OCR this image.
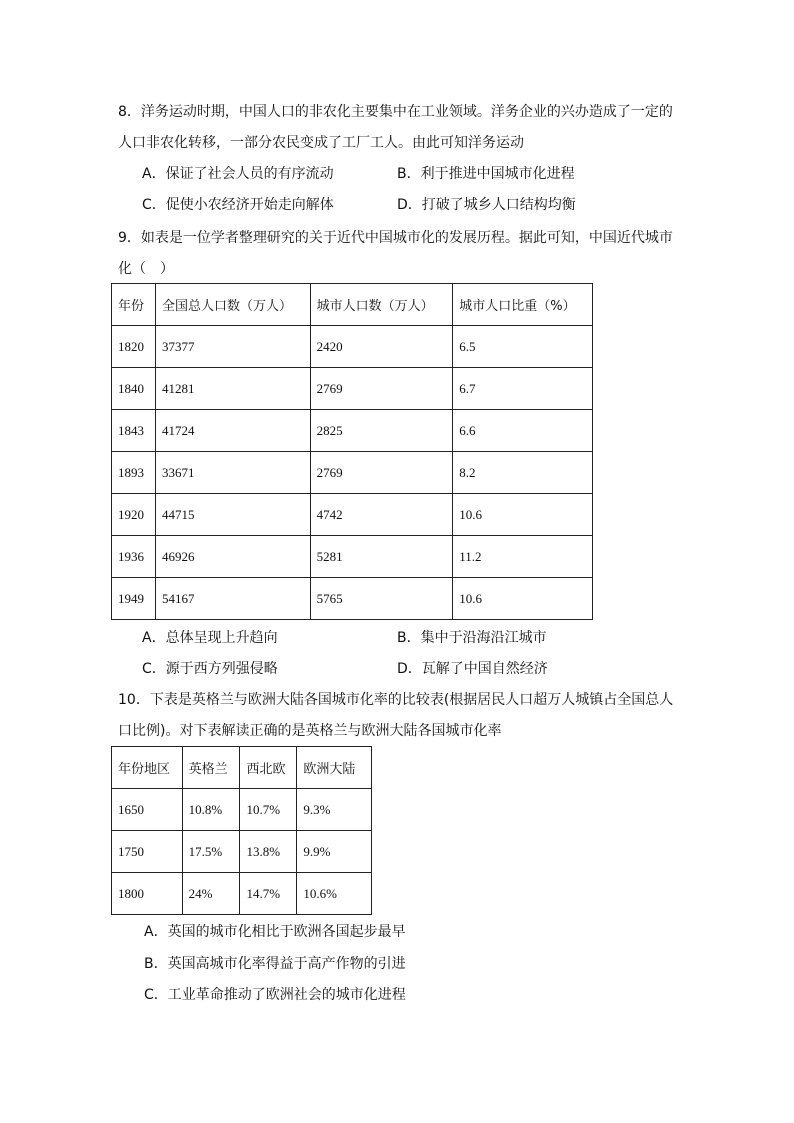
8．洋务运动时期，中国人口的非农化主要集中在工业领域。洋务企业的兴办造成了一定的
人口非农化转移，一部分农民变成了工厂工人。由此可知洋务运动
A．保证了社会人员的有序流动	B．利于推进中国城市化进程
C．促使小农经济开始走向解体	D．打破了城乡人口结构均衡
9．如表是一位学者整理研究的关于近代中国城市化的发展历程。据此可知，中国近代城市
化（　）
年份	全国总人口数（万人）	城市人口数（万人）	城市人口比重（%）
1820	37377	2420	6.5
1840	41281	2769	6.7
1843	41724	2825	6.6
1893	33671	2769	8.2
1920	44715	4742	10.6
1936	46926	5281	11.2
1949	54167	5765	10.6
A．总体呈现上升趋向	B．集中于沿海沿江城市
C．源于西方列强侵略	D．瓦解了中国自然经济
10．下表是英格兰与欧洲大陆各国城市化率的比较表(根据居民人口超万人城镇占全国总人
口比例)。对下表解读正确的是英格兰与欧洲大陆各国城市化率
年份地区	英格兰	西北欧	欧洲大陆
1650	10.8%	10.7%	9.3%
1750	17.5%	13.8%	9.9%
1800	24%	14.7%	10.6%
A．英国的城市化相比于欧洲各国起步最早
B．英国高城市化率得益于高产作物的引进
C．工业革命推动了欧洲社会的城市化进程
